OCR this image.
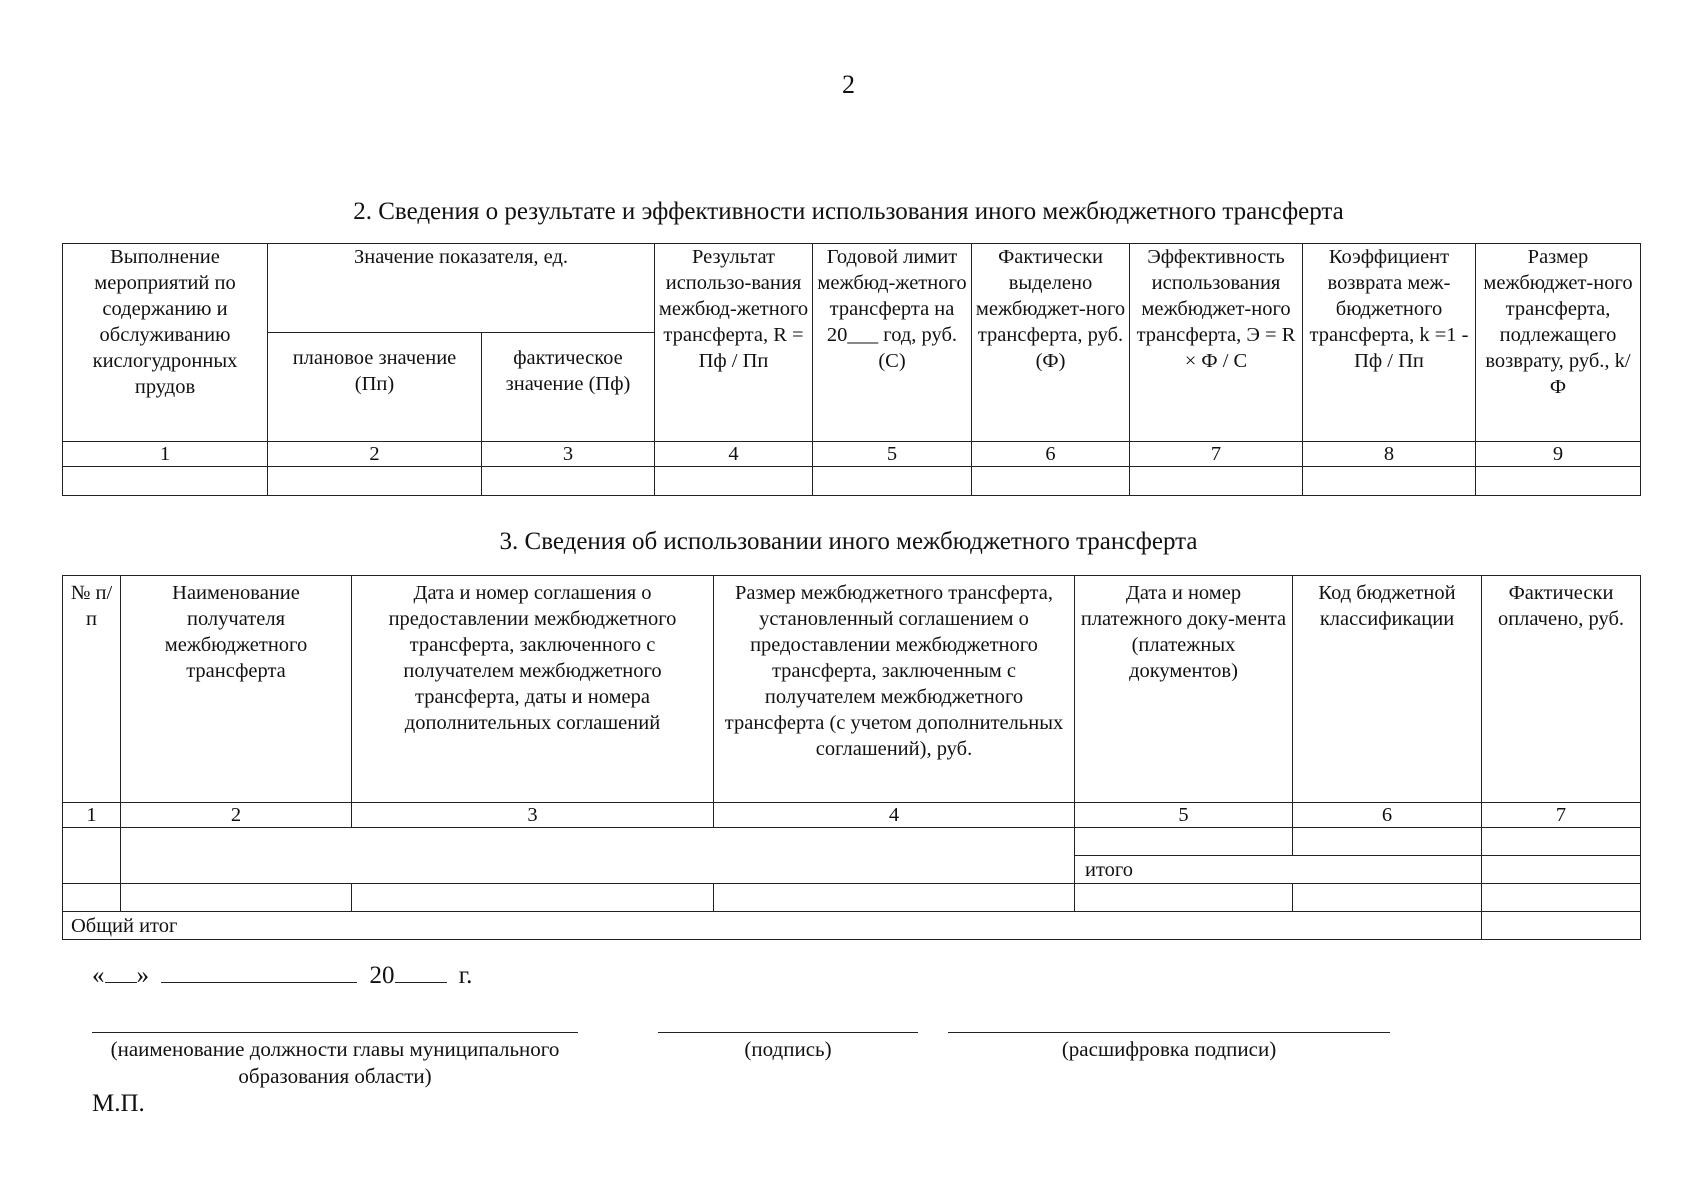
2
2. Сведения о результате и эффективности использования иного межбюджетного трансферта
Выполнение мероприятий по содержанию и обслуживанию кислогудронных прудов	Значение показателя, ед.		Результат использо-вания межбюд-жетного трансферта, R = Пф / Пп	Годовой лимит межбюд-жетного трансферта на 20___ год, руб. (С)	Фактически выделено межбюджет-ного трансферта, руб. (Ф)	Эффективность использования межбюджет-ного трансферта, Э = R × Ф / С	Коэффициент возврата меж-бюджетного трансферта, k =1 - Пф / Пп	Размер межбюджет-ного трансферта, подлежащего возврату, руб., k/ Ф
	плановое значение (Пп)	фактическое значение (Пф)						
1	2	3	4	5	6	7	8	9

3. Сведения об использовании иного межбюджетного трансферта
№ п/п	Наименование получателя межбюджетного трансферта	Дата и номер соглашения о предоставлении межбюджетного трансферта, заключенного с получателем межбюджетного трансферта, даты и номера дополнительных соглашений	Размер межбюджетного трансферта, установленный соглашением о предоставлении межбюджетного трансферта, заключенным с получателем межбюджетного трансферта (с учетом дополнительных соглашений), руб.	Дата и номер платежного доку-мента (платежных документов)	Код бюджетной классификации	Фактически оплачено, руб.
1	2	3	4	5	6	7

				итого		

Общий итог						
« »	20	г.
(наименование должности главы муниципального образования области)
(подпись)	(расшифровка подписи)
М.П.
